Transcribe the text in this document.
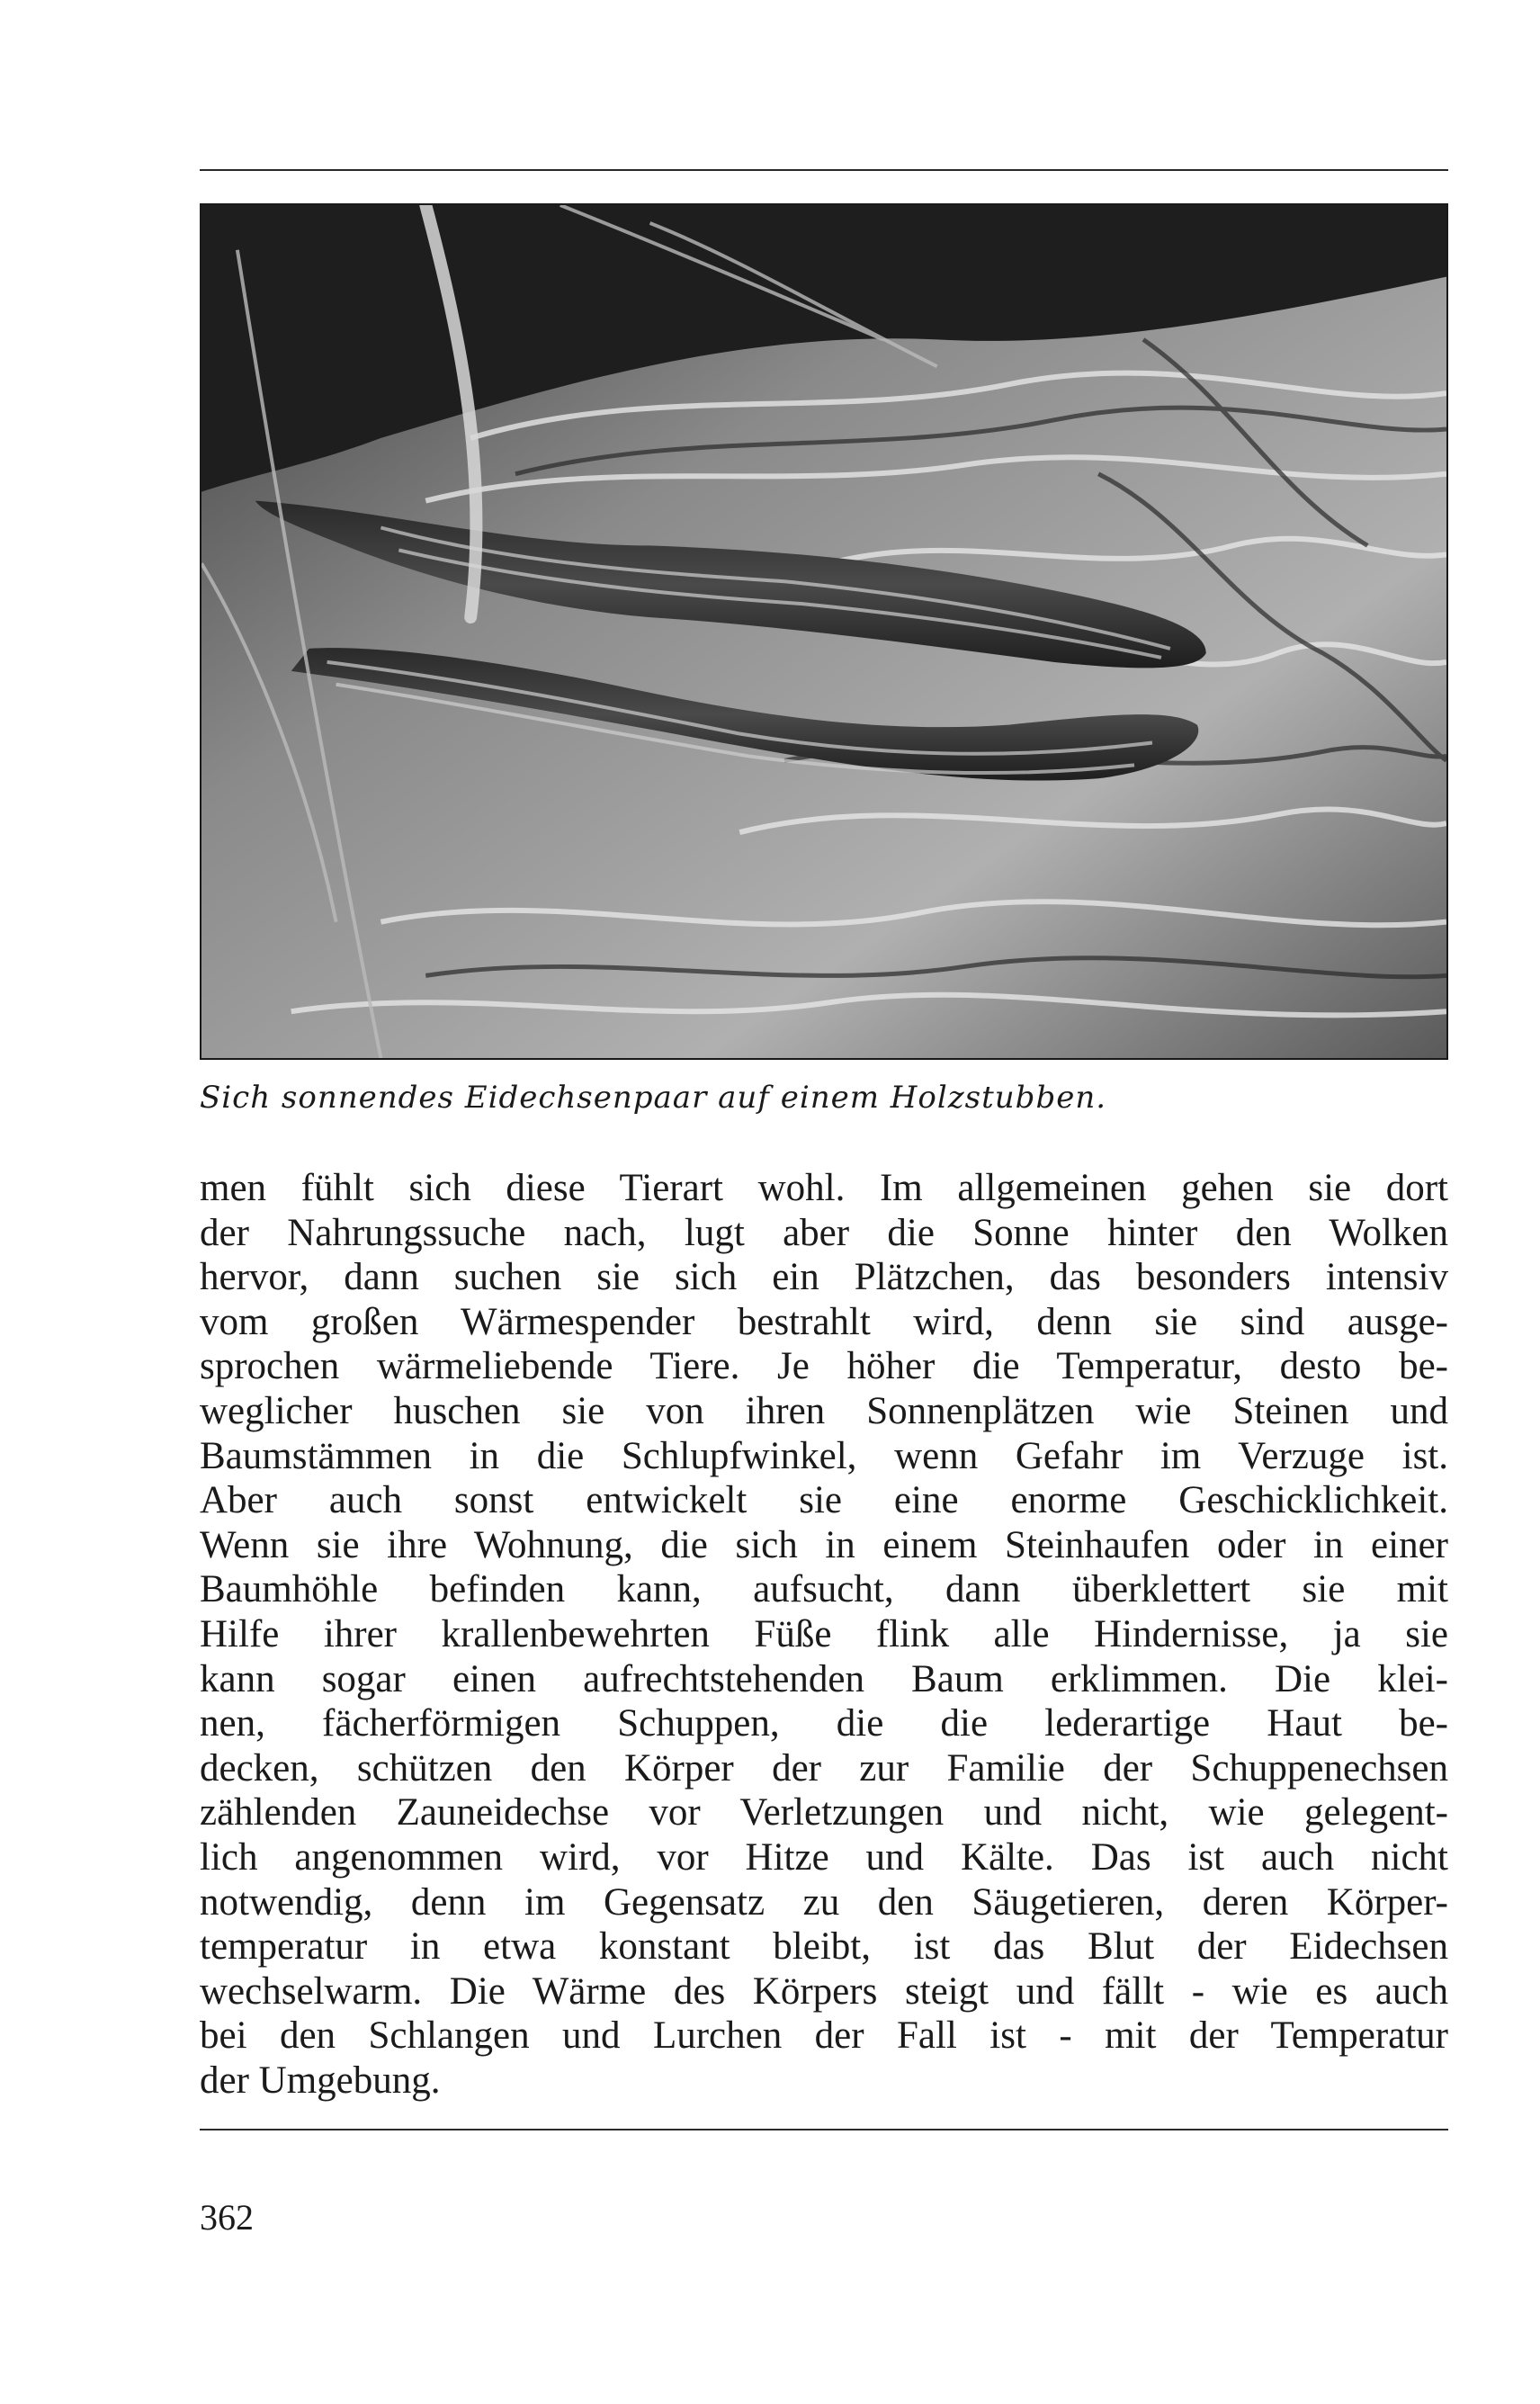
Sich sonnendes Eidechsenpaar auf einem Holzstubben.
men fühlt sich diese Tierart wohl. Im allgemeinen gehen sie dort
der Nahrungssuche nach, lugt aber die Sonne hinter den Wolken
hervor, dann suchen sie sich ein Plätzchen, das besonders intensiv
vom großen Wärmespender bestrahlt wird, denn sie sind ausge-
sprochen wärmeliebende Tiere. Je höher die Temperatur, desto be-
weglicher huschen sie von ihren Sonnenplätzen wie Steinen und
Baumstämmen in die Schlupfwinkel, wenn Gefahr im Verzuge ist.
Aber auch sonst entwickelt sie eine enorme Geschicklichkeit.
Wenn sie ihre Wohnung, die sich in einem Steinhaufen oder in einer
Baumhöhle befinden kann, aufsucht, dann überklettert sie mit
Hilfe ihrer krallenbewehrten Füße flink alle Hindernisse, ja sie
kann sogar einen aufrechtstehenden Baum erklimmen. Die klei-
nen, fächerförmigen Schuppen, die die lederartige Haut be-
decken, schützen den Körper der zur Familie der Schuppenechsen
zählenden Zauneidechse vor Verletzungen und nicht, wie gelegent-
lich angenommen wird, vor Hitze und Kälte. Das ist auch nicht
notwendig, denn im Gegensatz zu den Säugetieren, deren Körper-
temperatur in etwa konstant bleibt, ist das Blut der Eidechsen
wechselwarm. Die Wärme des Körpers steigt und fällt - wie es auch
bei den Schlangen und Lurchen der Fall ist - mit der Temperatur
der Umgebung.
362
